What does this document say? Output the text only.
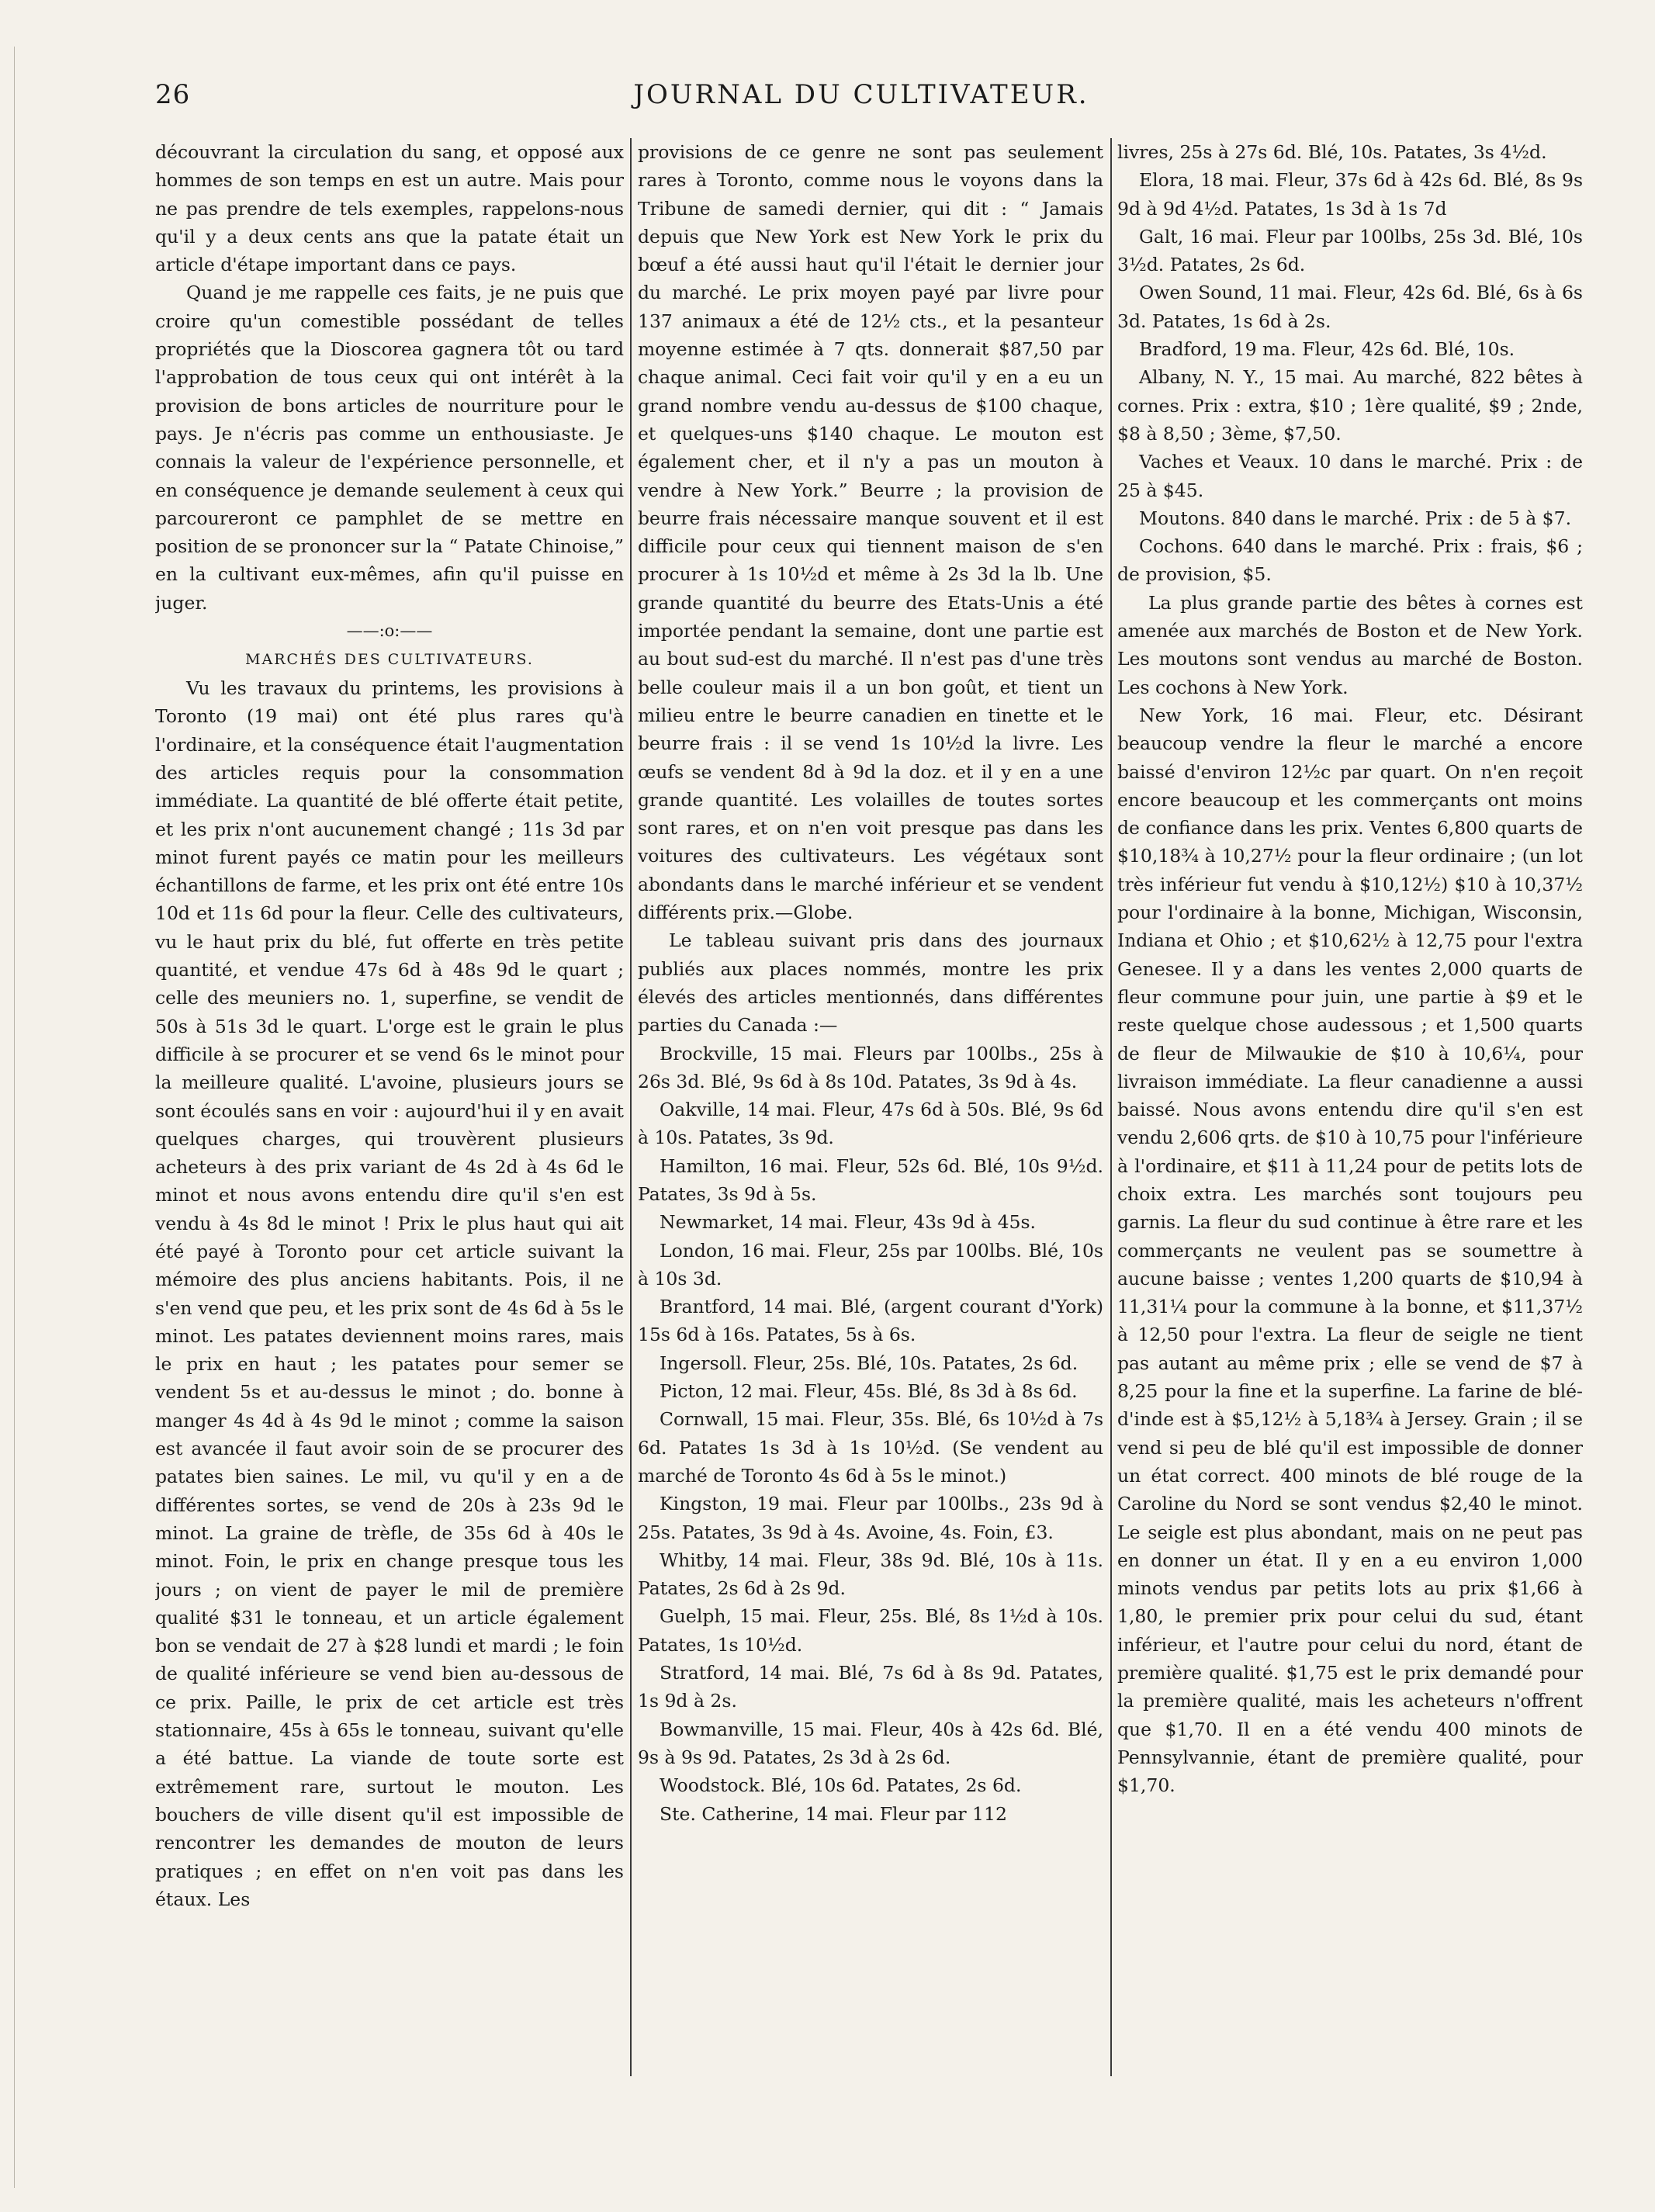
26	JOURNAL DU CULTIVATEUR.

découvrant la circulation du sang, et opposé aux hommes de son temps en est un autre. Mais pour ne pas prendre de tels exemples, rappelons-nous qu'il y a deux cents ans que la patate était un article d'étape important dans ce pays.

Quand je me rappelle ces faits, je ne puis que croire qu'un comestible possédant de telles propriétés que la Dioscorea gagnera tôt ou tard l'approbation de tous ceux qui ont intérêt à la provision de bons articles de nourriture pour le pays. Je n'écris pas comme un enthousiaste. Je connais la valeur de l'expérience personnelle, et en conséquence je demande seulement à ceux qui parcoureront ce pamphlet de se mettre en position de se prononcer sur la “ Patate Chinoise,” en la cultivant eux-mêmes, afin qu'il puisse en juger.

——:o:——

MARCHÉS DES CULTIVATEURS.

Vu les travaux du printems, les provisions à Toronto (19 mai) ont été plus rares qu'à l'ordinaire, et la conséquence était l'augmentation des articles requis pour la consommation immédiate. La quantité de blé offerte était petite, et les prix n'ont aucunement changé ; 11s 3d par minot furent payés ce matin pour les meilleurs échantillons de farme, et les prix ont été entre 10s 10d et 11s 6d pour la fleur. Celle des cultivateurs, vu le haut prix du blé, fut offerte en très petite quantité, et vendue 47s 6d à 48s 9d le quart ; celle des meuniers no. 1, superfine, se vendit de 50s à 51s 3d le quart. L'orge est le grain le plus difficile à se procurer et se vend 6s le minot pour la meilleure qualité. L'avoine, plusieurs jours se sont écoulés sans en voir : aujourd'hui il y en avait quelques charges, qui trouvèrent plusieurs acheteurs à des prix variant de 4s 2d à 4s 6d le minot et nous avons entendu dire qu'il s'en est vendu à 4s 8d le minot ! Prix le plus haut qui ait été payé à Toronto pour cet article suivant la mémoire des plus anciens habitants. Pois, il ne s'en vend que peu, et les prix sont de 4s 6d à 5s le minot. Les patates deviennent moins rares, mais le prix en haut ; les patates pour semer se vendent 5s et au-dessus le minot ; do. bonne à manger 4s 4d à 4s 9d le minot ; comme la saison est avancée il faut avoir soin de se procurer des patates bien saines. Le mil, vu qu'il y en a de différentes sortes, se vend de 20s à 23s 9d le minot. La graine de trèfle, de 35s 6d à 40s le minot. Foin, le prix en change presque tous les jours ; on vient de payer le mil de première qualité $31 le tonneau, et un article également bon se vendait de 27 à $28 lundi et mardi ; le foin de qualité inférieure se vend bien au-dessous de ce prix. Paille, le prix de cet article est très stationnaire, 45s à 65s le tonneau, suivant qu'elle a été battue. La viande de toute sorte est extrêmement rare, surtout le mouton. Les bouchers de ville disent qu'il est impossible de rencontrer les demandes de mouton de leurs pratiques ; en effet on n'en voit pas dans les étaux. Les

provisions de ce genre ne sont pas seulement rares à Toronto, comme nous le voyons dans la Tribune de samedi dernier, qui dit : “ Jamais depuis que New York est New York le prix du bœuf a été aussi haut qu'il l'était le dernier jour du marché. Le prix moyen payé par livre pour 137 animaux a été de 12½ cts., et la pesanteur moyenne estimée à 7 qts. donnerait $87,50 par chaque animal. Ceci fait voir qu'il y en a eu un grand nombre vendu au-dessus de $100 chaque, et quelques-uns $140 chaque. Le mouton est également cher, et il n'y a pas un mouton à vendre à New York.” Beurre ; la provision de beurre frais nécessaire manque souvent et il est difficile pour ceux qui tiennent maison de s'en procurer à 1s 10½d et même à 2s 3d la lb. Une grande quantité du beurre des Etats-Unis a été importée pendant la semaine, dont une partie est au bout sud-est du marché. Il n'est pas d'une très belle couleur mais il a un bon goût, et tient un milieu entre le beurre canadien en tinette et le beurre frais : il se vend 1s 10½d la livre. Les œufs se vendent 8d à 9d la doz. et il y en a une grande quantité. Les volailles de toutes sortes sont rares, et on n'en voit presque pas dans les voitures des cultivateurs. Les végétaux sont abondants dans le marché inférieur et se vendent différents prix.—Globe.

Le tableau suivant pris dans des journaux publiés aux places nommés, montre les prix élevés des articles mentionnés, dans différentes parties du Canada :—

Brockville, 15 mai. Fleurs par 100lbs., 25s à 26s 3d. Blé, 9s 6d à 8s 10d. Patates, 3s 9d à 4s.

Oakville, 14 mai. Fleur, 47s 6d à 50s. Blé, 9s 6d à 10s. Patates, 3s 9d.

Hamilton, 16 mai. Fleur, 52s 6d. Blé, 10s 9½d. Patates, 3s 9d à 5s.

Newmarket, 14 mai. Fleur, 43s 9d à 45s.

London, 16 mai. Fleur, 25s par 100lbs. Blé, 10s à 10s 3d.

Brantford, 14 mai. Blé, (argent courant d'York) 15s 6d à 16s. Patates, 5s à 6s.

Ingersoll. Fleur, 25s. Blé, 10s. Patates, 2s 6d.

Picton, 12 mai. Fleur, 45s. Blé, 8s 3d à 8s 6d.

Cornwall, 15 mai. Fleur, 35s. Blé, 6s 10½d à 7s 6d. Patates 1s 3d à 1s 10½d. (Se vendent au marché de Toronto 4s 6d à 5s le minot.)

Kingston, 19 mai. Fleur par 100lbs., 23s 9d à 25s. Patates, 3s 9d à 4s. Avoine, 4s. Foin, £3.

Whitby, 14 mai. Fleur, 38s 9d. Blé, 10s à 11s. Patates, 2s 6d à 2s 9d.

Guelph, 15 mai. Fleur, 25s. Blé, 8s 1½d à 10s. Patates, 1s 10½d.

Stratford, 14 mai. Blé, 7s 6d à 8s 9d. Patates, 1s 9d à 2s.

Bowmanville, 15 mai. Fleur, 40s à 42s 6d. Blé, 9s à 9s 9d. Patates, 2s 3d à 2s 6d.

Woodstock. Blé, 10s 6d. Patates, 2s 6d.

Ste. Catherine, 14 mai. Fleur par 112

livres, 25s à 27s 6d. Blé, 10s. Patates, 3s 4½d.

Elora, 18 mai. Fleur, 37s 6d à 42s 6d. Blé, 8s 9s 9d à 9d 4½d. Patates, 1s 3d à 1s 7d

Galt, 16 mai. Fleur par 100lbs, 25s 3d. Blé, 10s 3½d. Patates, 2s 6d.

Owen Sound, 11 mai. Fleur, 42s 6d. Blé, 6s à 6s 3d. Patates, 1s 6d à 2s.

Bradford, 19 ma. Fleur, 42s 6d. Blé, 10s.

Albany, N. Y., 15 mai. Au marché, 822 bêtes à cornes. Prix : extra, $10 ; 1ère qualité, $9 ; 2nde, $8 à 8,50 ; 3ème, $7,50.

Vaches et Veaux. 10 dans le marché. Prix : de 25 à $45.

Moutons. 840 dans le marché. Prix : de 5 à $7.

Cochons. 640 dans le marché. Prix : frais, $6 ; de provision, $5.

La plus grande partie des bêtes à cornes est amenée aux marchés de Boston et de New York. Les moutons sont vendus au marché de Boston. Les cochons à New York.

New York, 16 mai. Fleur, etc. Désirant beaucoup vendre la fleur le marché a encore baissé d'environ 12½c par quart. On n'en reçoit encore beaucoup et les commerçants ont moins de confiance dans les prix. Ventes 6,800 quarts de $10,18¾ à 10,27½ pour la fleur ordinaire ; (un lot très inférieur fut vendu à $10,12½) $10 à 10,37½ pour l'ordinaire à la bonne, Michigan, Wisconsin, Indiana et Ohio ; et $10,62½ à 12,75 pour l'extra Genesee. Il y a dans les ventes 2,000 quarts de fleur commune pour juin, une partie à $9 et le reste quelque chose audessous ; et 1,500 quarts de fleur de Milwaukie de $10 à 10,6¼, pour livraison immédiate. La fleur canadienne a aussi baissé. Nous avons entendu dire qu'il s'en est vendu 2,606 qrts. de $10 à 10,75 pour l'inférieure à l'ordinaire, et $11 à 11,24 pour de petits lots de choix extra. Les marchés sont toujours peu garnis. La fleur du sud continue à être rare et les commerçants ne veulent pas se soumettre à aucune baisse ; ventes 1,200 quarts de $10,94 à 11,31¼ pour la commune à la bonne, et $11,37½ à 12,50 pour l'extra. La fleur de seigle ne tient pas autant au même prix ; elle se vend de $7 à 8,25 pour la fine et la superfine. La farine de blé-d'inde est à $5,12½ à 5,18¾ à Jersey. Grain ; il se vend si peu de blé qu'il est impossible de donner un état correct. 400 minots de blé rouge de la Caroline du Nord se sont vendus $2,40 le minot. Le seigle est plus abondant, mais on ne peut pas en donner un état. Il y en a eu environ 1,000 minots vendus par petits lots au prix $1,66 à 1,80, le premier prix pour celui du sud, étant inférieur, et l'autre pour celui du nord, étant de première qualité. $1,75 est le prix demandé pour la première qualité, mais les acheteurs n'offrent que $1,70. Il en a été vendu 400 minots de Pennsylvannie, étant de première qualité, pour $1,70.
